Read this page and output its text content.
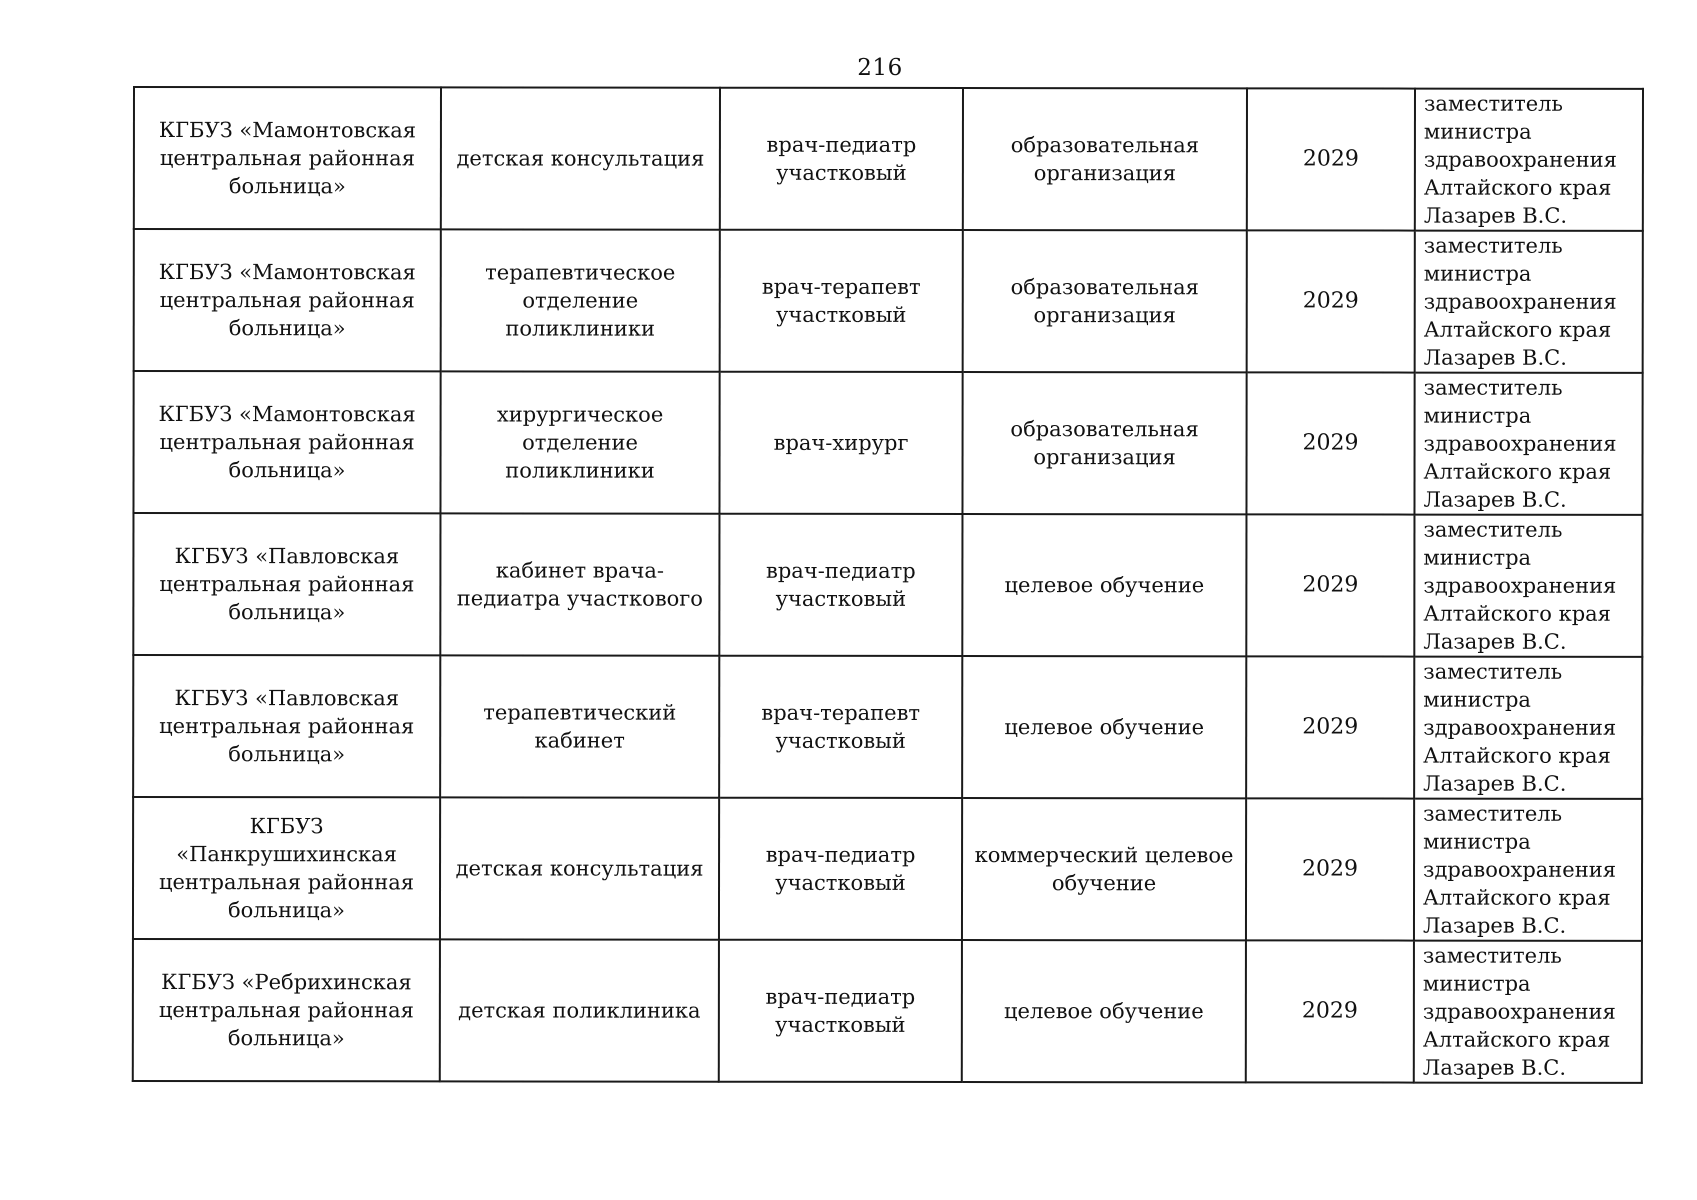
216
КГБУЗ «Мамонтовская центральная районная больница»	детская консультация	врач-педиатр участковый	образовательная организация	2029	заместитель
министра
здравоохранения
Алтайского края
Лазарев В.С.
КГБУЗ «Мамонтовская центральная районная больница»	терапевтическое отделение поликлиники	врач-терапевт участковый	образовательная организация	2029	заместитель
министра
здравоохранения
Алтайского края
Лазарев В.С.
КГБУЗ «Мамонтовская центральная районная больница»	хирургическое отделение поликлиники	врач-хирург	образовательная организация	2029	заместитель
министра
здравоохранения
Алтайского края
Лазарев В.С.
КГБУЗ «Павловская центральная районная больница»	кабинет врача-педиатра участкового	врач-педиатр участковый	целевое обучение	2029	заместитель
министра
здравоохранения
Алтайского края
Лазарев В.С.
КГБУЗ «Павловская центральная районная больница»	терапевтический кабинет	врач-терапевт участковый	целевое обучение	2029	заместитель
министра
здравоохранения
Алтайского края
Лазарев В.С.
КГБУЗ «Панкрушихинская центральная районная больница»	детская консультация	врач-педиатр участковый	коммерческий целевое обучение	2029	заместитель
министра
здравоохранения
Алтайского края
Лазарев В.С.
КГБУЗ «Ребрихинская центральная районная больница»	детская поликлиника	врач-педиатр участковый	целевое обучение	2029	заместитель
министра
здравоохранения
Алтайского края
Лазарев В.С.
